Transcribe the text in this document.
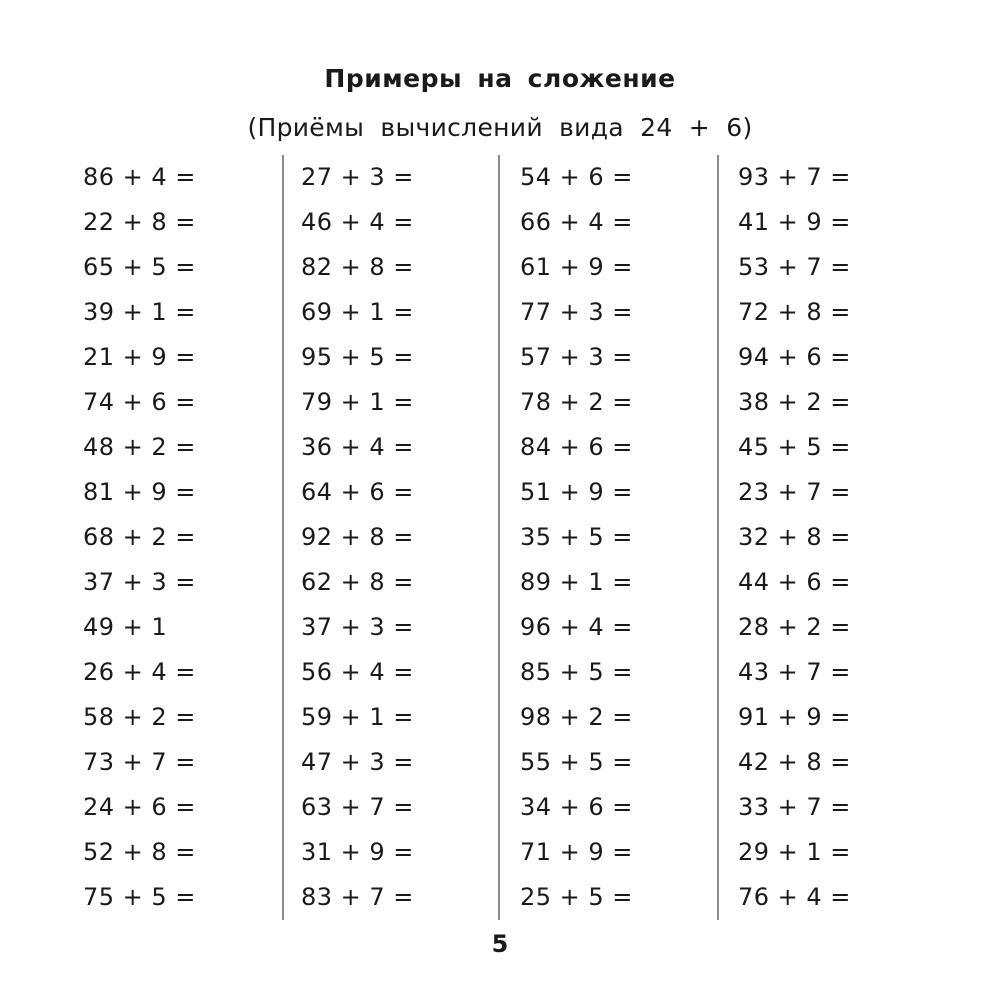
Примеры на сложение
(Приёмы вычислений вида 24 + 6)
86 + 4 =
22 + 8 =
65 + 5 =
39 + 1 =
21 + 9 =
74 + 6 =
48 + 2 =
81 + 9 =
68 + 2 =
37 + 3 =
49 + 1
26 + 4 =
58 + 2 =
73 + 7 =
24 + 6 =
52 + 8 =
75 + 5 =
27 + 3 =
46 + 4 =
82 + 8 =
69 + 1 =
95 + 5 =
79 + 1 =
36 + 4 =
64 + 6 =
92 + 8 =
62 + 8 =
37 + 3 =
56 + 4 =
59 + 1 =
47 + 3 =
63 + 7 =
31 + 9 =
83 + 7 =
54 + 6 =
66 + 4 =
61 + 9 =
77 + 3 =
57 + 3 =
78 + 2 =
84 + 6 =
51 + 9 =
35 + 5 =
89 + 1 =
96 + 4 =
85 + 5 =
98 + 2 =
55 + 5 =
34 + 6 =
71 + 9 =
25 + 5 =
93 + 7 =
41 + 9 =
53 + 7 =
72 + 8 =
94 + 6 =
38 + 2 =
45 + 5 =
23 + 7 =
32 + 8 =
44 + 6 =
28 + 2 =
43 + 7 =
91 + 9 =
42 + 8 =
33 + 7 =
29 + 1 =
76 + 4 =
5
